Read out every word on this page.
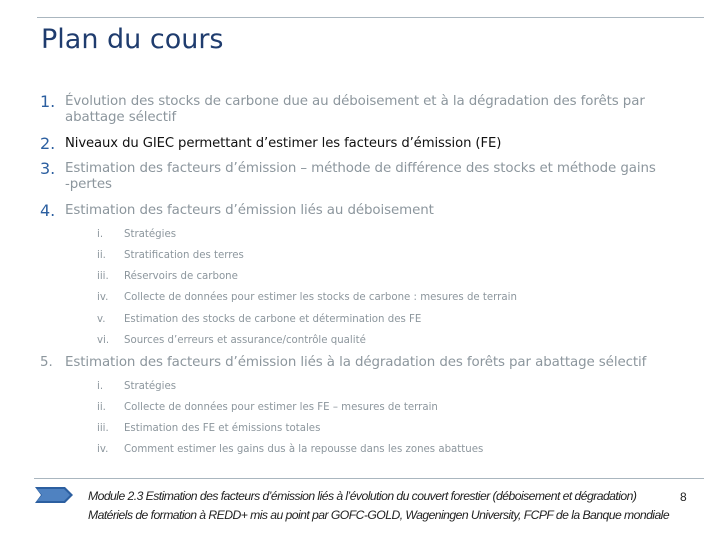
Plan du cours
1. Évolution des stocks de carbone due au déboisement et à la dégradation des forêts par
abattage sélectif
2. Niveaux du GIEC permettant d’estimer les facteurs d’émission (FE)
3. Estimation des facteurs d’émission – méthode de différence des stocks et méthode gains
-pertes
4. Estimation des facteurs d’émission liés au déboisement
i. Stratégies
ii. Stratification des terres
iii. Réservoirs de carbone
iv. Collecte de données pour estimer les stocks de carbone : mesures de terrain
v. Estimation des stocks de carbone et détermination des FE
vi. Sources d’erreurs et assurance/contrôle qualité
5. Estimation des facteurs d’émission liés à la dégradation des forêts par abattage sélectif
i. Stratégies
ii. Collecte de données pour estimer les FE – mesures de terrain
iii. Estimation des FE et émissions totales
iv. Comment estimer les gains dus à la repousse dans les zones abattues
Module 2.3 Estimation des facteurs d’émission liés à l’évolution du couvert forestier (déboisement et dégradation)
Matériels de formation à REDD+ mis au point par GOFC-GOLD, Wageningen University, FCPF de la Banque mondiale
8
